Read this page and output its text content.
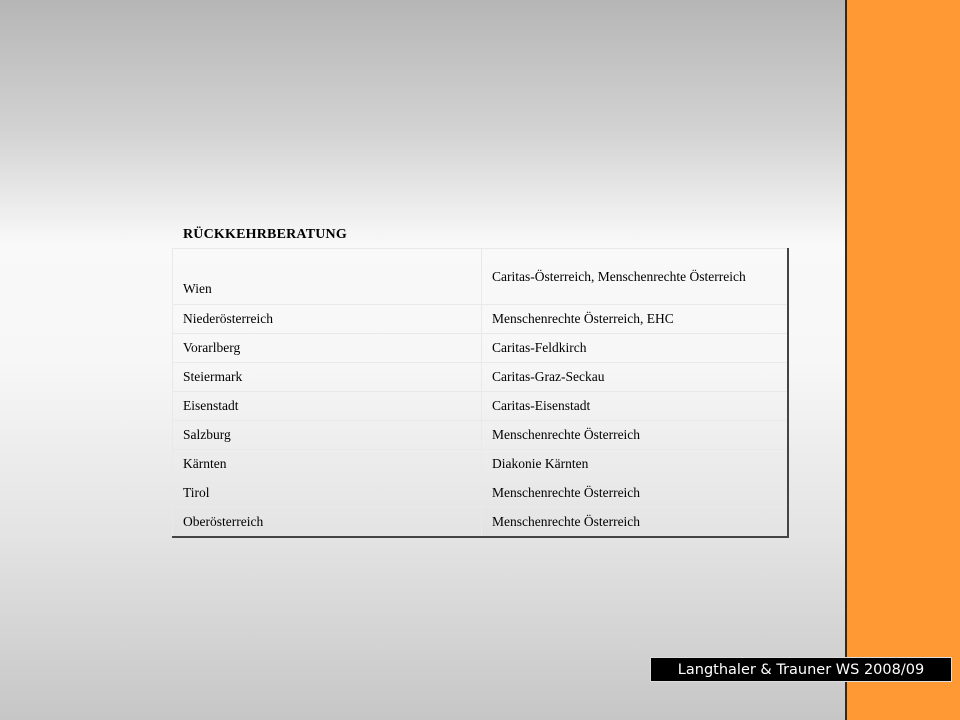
RÜCKKEHRBERATUNG
Wien	Caritas-Österreich, Menschenrechte Österreich
Niederösterreich	Menschenrechte Österreich, EHC
Vorarlberg	Caritas-Feldkirch
Steiermark	Caritas-Graz-Seckau
Eisenstadt	Caritas-Eisenstadt
Salzburg	Menschenrechte Österreich
Kärnten	Diakonie Kärnten
Tirol	Menschenrechte Österreich
Oberösterreich	Menschenrechte Österreich
Langthaler & Trauner WS 2008/09
